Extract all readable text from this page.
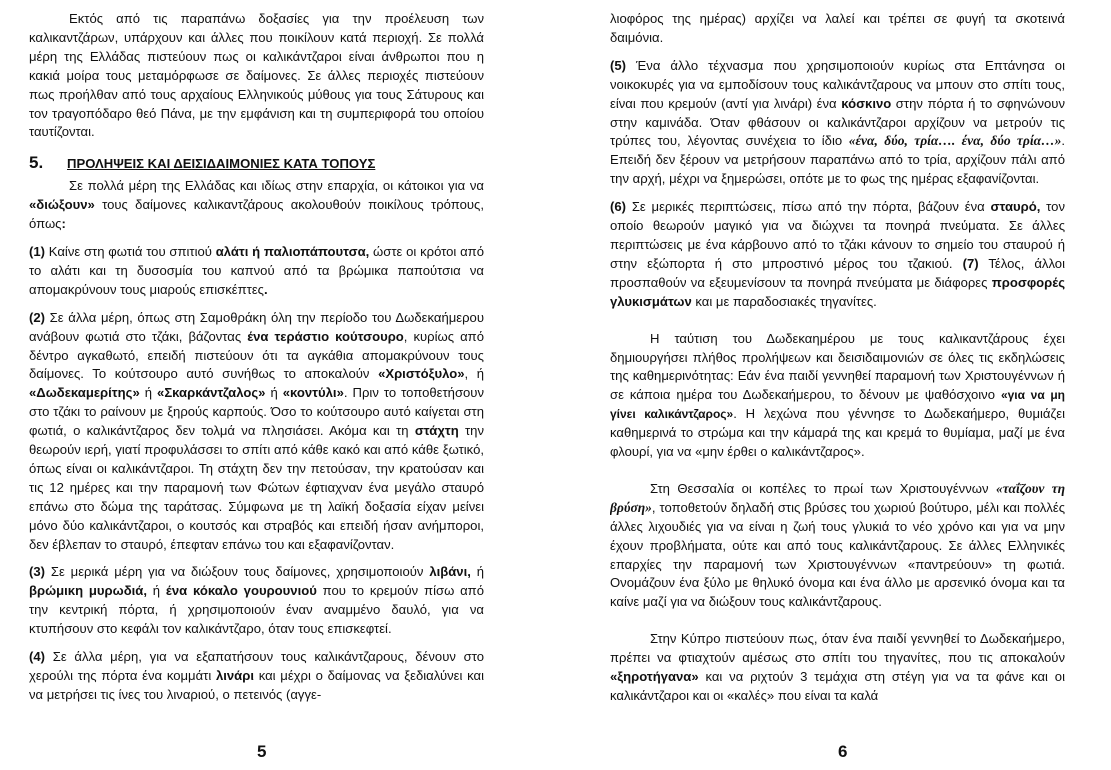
Εκτός από τις παραπάνω δοξασίες για την προέλευση των καλικαντζάρων, υπάρχουν και άλλες που ποικίλουν κατά περιοχή. Σε πολλά μέρη της Ελλάδας πιστεύουν πως οι καλικάντζαροι είναι άνθρωποι που η κακιά μοίρα τους μεταμόρφωσε σε δαίμονες. Σε άλλες περιοχές πιστεύουν πως προήλθαν από τους αρχαίους Ελληνικούς μύθους για τους Σάτυρους και τον τραγοπόδαρο θεό Πάνα, με την εμφάνιση και τη συμπεριφορά του οποίου ταυτίζονται.

5.	ΠΡΟΛΗΨΕΙΣ ΚΑΙ ΔΕΙΣΙΔΑΙΜΟΝΙΕΣ ΚΑΤΑ ΤΟΠΟΥΣ

Σε πολλά μέρη της Ελλάδας και ιδίως στην επαρχία, οι κάτοικοι για να «διώξουν» τους δαίμονες καλικαντζάρους ακολουθούν ποικίλους τρόπους, όπως:

(1) Καίνε στη φωτιά του σπιτιού αλάτι ή παλιοπάπουτσα, ώστε οι κρότοι από το αλάτι και τη δυσοσμία του καπνού από τα βρώμικα παπούτσια να απομακρύνουν τους μιαρούς επισκέπτες.

(2) Σε άλλα μέρη, όπως στη Σαμοθράκη όλη την περίοδο του Δωδεκαήμερου ανάβουν φωτιά στο τζάκι, βάζοντας ένα τεράστιο κούτσουρο, κυρίως από δέντρο αγκαθωτό, επειδή πιστεύουν ότι τα αγκάθια απομακρύνουν τους δαίμονες. Το κούτσουρο αυτό συνήθως το αποκαλούν «Χριστόξυλο», ή «Δωδεκαμερίτης» ή «Σκαρκάντζαλος» ή «κοντύλι». Πριν το τοποθετήσουν στο τζάκι το ραίνουν με ξηρούς καρπούς. Όσο το κούτσουρο αυτό καίγεται στη φωτιά, ο καλικάντζαρος δεν τολμά να πλησιάσει. Ακόμα και τη στάχτη την θεωρούν ιερή, γιατί προφυλάσσει το σπίτι από κάθε κακό και από κάθε ξωτικό, όπως είναι οι καλικάντζαροι. Τη στάχτη δεν την πετούσαν, την κρατούσαν και τις 12 ημέρες και την παραμονή των Φώτων έφτιαχναν ένα μεγάλο σταυρό επάνω στο δώμα της ταράτσας. Σύμφωνα με τη λαϊκή δοξασία είχαν μείνει μόνο δύο καλικάντζαροι, ο κουτσός και στραβός και επειδή ήσαν ανήμποροι, δεν έβλεπαν το σταυρό, έπεφταν επάνω του και εξαφανίζονταν.

(3) Σε μερικά μέρη για να διώξουν τους δαίμονες, χρησιμοποιούν λιβάνι, ή βρώμικη μυρωδιά, ή ένα κόκαλο γουρουνιού που το κρεμούν πίσω από την κεντρική πόρτα, ή χρησιμοποιούν έναν αναμμένο δαυλό, για να κτυπήσουν στο κεφάλι τον καλικάντζαρο, όταν τους επισκεφτεί.

(4) Σε άλλα μέρη, για να εξαπατήσουν τους καλικάντζαρους, δένουν στο χερούλι της πόρτα ένα κομμάτι λινάρι και μέχρι ο δαίμονας να ξεδιαλύνει και να μετρήσει τις ίνες του λιναριού, ο πετεινός (αγγε-

5

λιοφόρος της ημέρας) αρχίζει να λαλεί και τρέπει σε φυγή τα σκοτεινά δαιμόνια.

(5) Ένα άλλο τέχνασμα που χρησιμοποιούν κυρίως στα Επτάνησα οι νοικοκυρές για να εμποδίσουν τους καλικάντζαρους να μπουν στο σπίτι τους, είναι που κρεμούν (αντί για λινάρι) ένα κόσκινο στην πόρτα ή το σφηνώνουν στην καμινάδα. Όταν φθάσουν οι καλικάντζαροι αρχίζουν να μετρούν τις τρύπες του, λέγοντας συνέχεια το ίδιο «ένα, δύο, τρία…. ένα, δύο τρία…». Επειδή δεν ξέρουν να μετρήσουν παραπάνω από το τρία, αρχίζουν πάλι από την αρχή, μέχρι να ξημερώσει, οπότε με το φως της ημέρας εξαφανίζονται.

(6) Σε μερικές περιπτώσεις, πίσω από την πόρτα, βάζουν ένα σταυρό, τον οποίο θεωρούν μαγικό για να διώχνει τα πονηρά πνεύματα. Σε άλλες περιπτώσεις με ένα κάρβουνο από το τζάκι κάνουν το σημείο του σταυρού ή στην εξώπορτα ή στο μπροστινό μέρος του τζακιού. (7) Τέλος, άλλοι προσπαθούν να εξευμενίσουν τα πονηρά πνεύματα με διάφορες προσφορές γλυκισμάτων και με παραδοσιακές τηγανίτες.

Η ταύτιση του Δωδεκαημέρου με τους καλικαντζάρους έχει δημιουργήσει πλήθος προλήψεων και δεισιδαιμονιών σε όλες τις εκδηλώσεις της καθημερινότητας: Εάν ένα παιδί γεννηθεί παραμονή των Χριστουγέννων ή σε κάποια ημέρα του Δωδεκαήμερου, το δένουν με ψαθόσχοινο «για να μη γίνει καλικάντζαρος». Η λεχώνα που γέννησε το Δωδεκαήμερο, θυμιάζει καθημερινά το στρώμα και την κάμαρά της και κρεμά το θυμίαμα, μαζί με ένα φλουρί, για να «μην έρθει ο καλικάντζαρος».

Στη Θεσσαλία οι κοπέλες το πρωί των Χριστουγέννων «ταΐζουν τη βρύση», τοποθετούν δηλαδή στις βρύσες του χωριού βούτυρο, μέλι και πολλές άλλες λιχουδιές για να είναι η ζωή τους γλυκιά το νέο χρόνο και για να μην έχουν προβλήματα, ούτε και από τους καλικάντζαρους. Σε άλλες Ελληνικές επαρχίες την παραμονή των Χριστουγέννων «παντρεύουν» τη φωτιά. Ονομάζουν ένα ξύλο με θηλυκό όνομα και ένα άλλο με αρσενικό όνομα και τα καίνε μαζί για να διώξουν τους καλικάντζαρους.

Στην Κύπρο πιστεύουν πως, όταν ένα παιδί γεννηθεί το Δωδεκαήμερο, πρέπει να φτιαχτούν αμέσως στο σπίτι του τηγανίτες, που τις αποκαλούν «ξηροτήγανα» και να ριχτούν 3 τεμάχια στη στέγη για να τα φάνε και οι καλικάντζαροι και οι «καλές» που είναι τα καλά

6
